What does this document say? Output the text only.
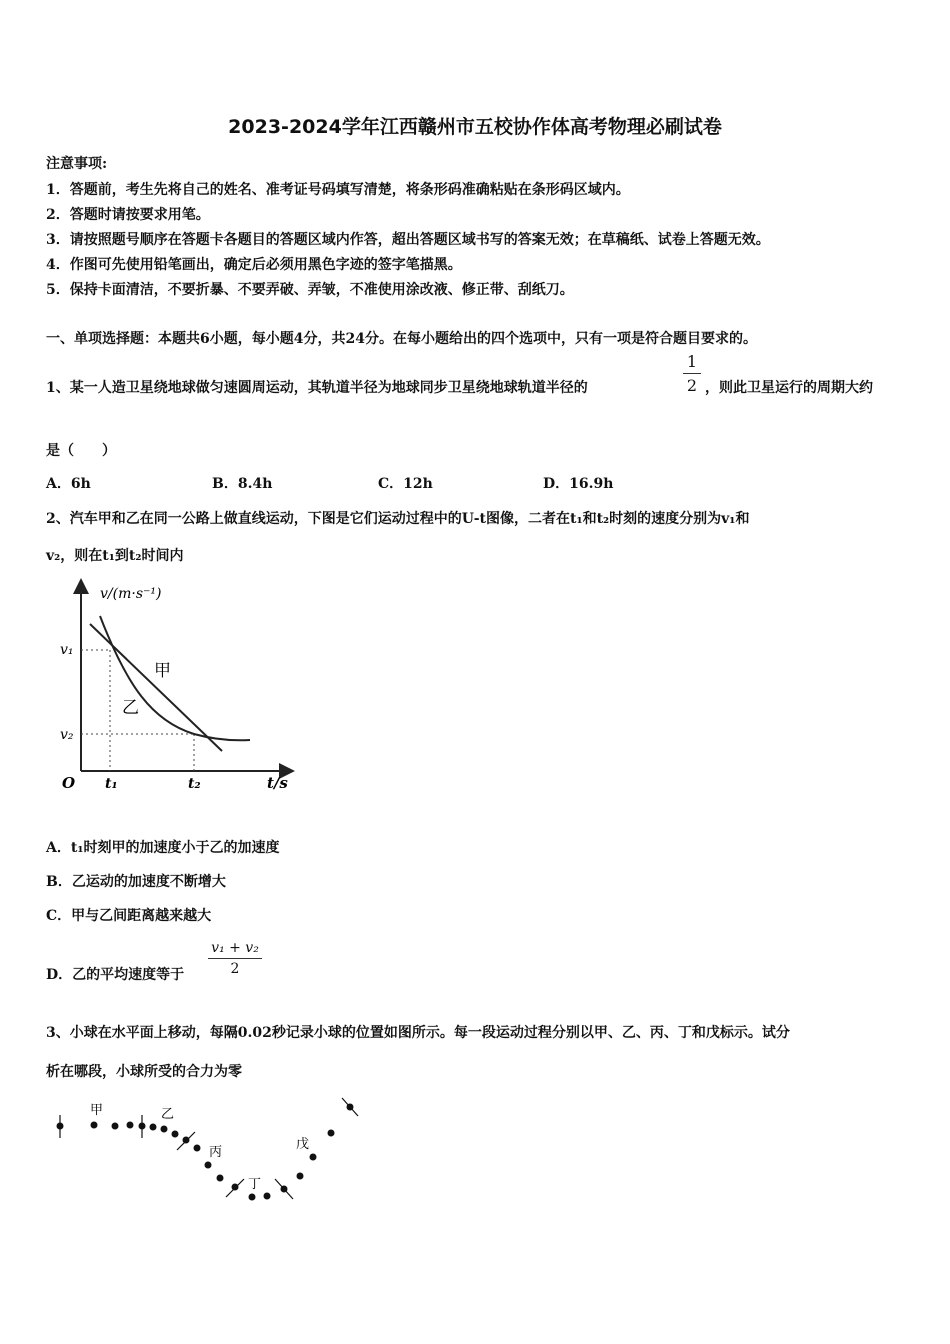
2023-2024学年江西赣州市五校协作体高考物理必刷试卷
注意事项:
1．答题前，考生先将自己的姓名、准考证号码填写清楚，将条形码准确粘贴在条形码区域内。
2．答题时请按要求用笔。
3．请按照题号顺序在答题卡各题目的答题区域内作答，超出答题区域书写的答案无效；在草稿纸、试卷上答题无效。
4．作图可先使用铅笔画出，确定后必须用黑色字迹的签字笔描黑。
5．保持卡面清洁，不要折暴、不要弄破、弄皱，不准使用涂改液、修正带、刮纸刀。
一、单项选择题：本题共6小题，每小题4分，共24分。在每小题给出的四个选项中，只有一项是符合题目要求的。
1、某一人造卫星绕地球做匀速圆周运动，其轨道半径为地球同步卫星绕地球轨道半径的
1
2 ，则此卫星运行的周期大约
是（　　）
A．6h	B．8.4h	C．12h	D．16.9h
2、汽车甲和乙在同一公路上做直线运动，下图是它们运动过程中的U-t图像，二者在t₁和t₂时刻的速度分别为v₁和
v₂，则在t₁到t₂时间内
v/(m·s⁻¹)
t/s
O
v₁
v₂
t₁	t₂
甲
乙
A．t₁时刻甲的加速度小于乙的加速度
B．乙运动的加速度不断增大
C．甲与乙间距离越来越大
D．乙的平均速度等于
v₁ + v₂
2
3、小球在水平面上移动，每隔0.02秒记录小球的位置如图所示。每一段运动过程分别以甲、乙、丙、丁和戊标示。试分
析在哪段，小球所受的合力为零
甲	乙
丙
丁
戊
